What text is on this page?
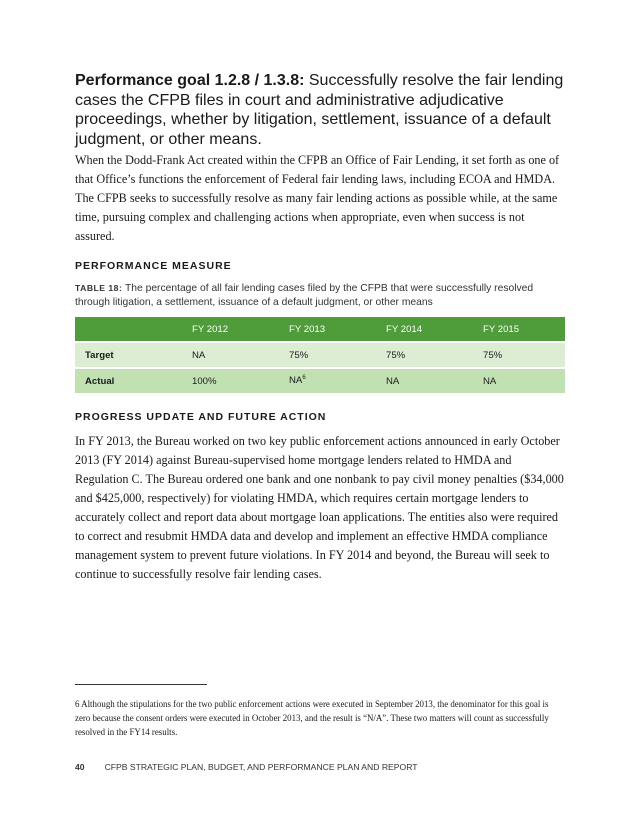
Performance goal 1.2.8 / 1.3.8: Successfully resolve the fair lending cases the CFPB files in court and administrative adjudicative proceedings, whether by litigation, settlement, issuance of a default judgment, or other means.

When the Dodd-Frank Act created within the CFPB an Office of Fair Lending, it set forth as one of that Office’s functions the enforcement of Federal fair lending laws, including ECOA and HMDA. The CFPB seeks to successfully resolve as many fair lending actions as possible while, at the same time, pursuing complex and challenging actions when appropriate, even when success is not assured.

PERFORMANCE MEASURE

TABLE 18: The percentage of all fair lending cases filed by the CFPB that were successfully resolved through litigation, a settlement, issuance of a default judgment, or other means

	FY 2012	FY 2013	FY 2014	FY 2015
Target	NA	75%	75%	75%
Actual	100%	NA$^6$	NA	NA
PROGRESS UPDATE AND FUTURE ACTION

In FY 2013, the Bureau worked on two key public enforcement actions announced in early October 2013 (FY 2014) against Bureau-supervised home mortgage lenders related to HMDA and Regulation C. The Bureau ordered one bank and one nonbank to pay civil money penalties ($34,000 and $425,000, respectively) for violating HMDA, which requires certain mortgage lenders to accurately collect and report data about mortgage loan applications. The entities also were required to correct and resubmit HMDA data and develop and implement an effective HMDA compliance management system to prevent future violations. In FY 2014 and beyond, the Bureau will seek to continue to successfully resolve fair lending cases.

6 Although the stipulations for the two public enforcement actions were executed in September 2013, the denominator for this goal is zero because the consent orders were executed in October 2013, and the result is “N/A”. These two matters will count as successfully resolved in the FY14 results.

40 CFPB STRATEGIC PLAN, BUDGET, AND PERFORMANCE PLAN AND REPORT
